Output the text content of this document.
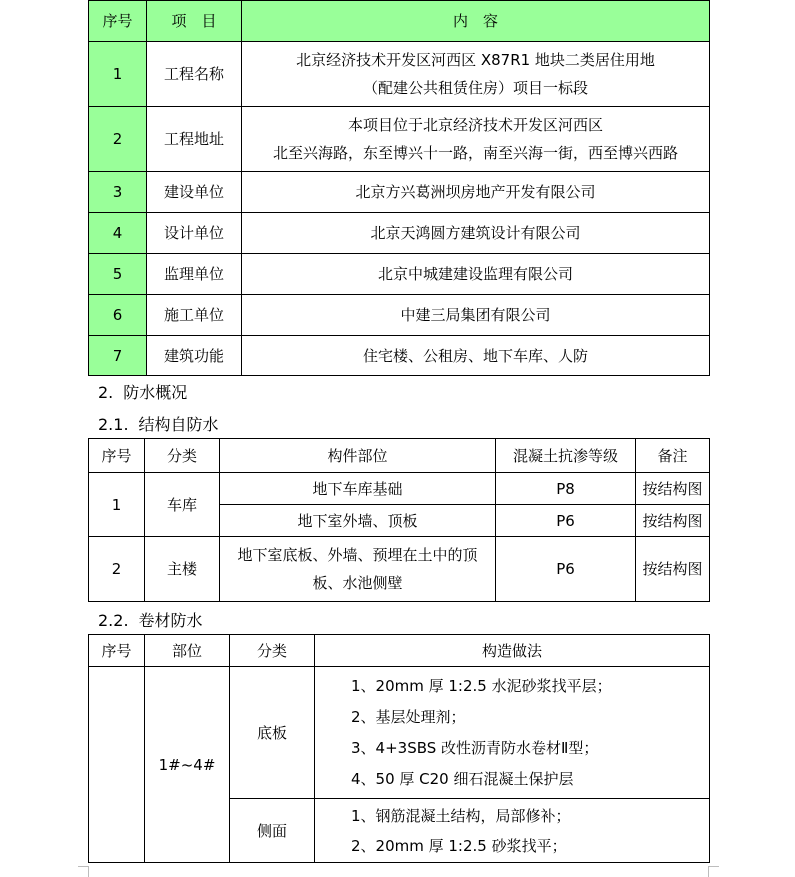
序号	项　目	内　容
1	工程名称	北京经济技术开发区河西区 X87R1 地块二类居住用地
（配建公共租赁住房）项目一标段

2	工程地址	本项目位于北京经济技术开发区河西区
北至兴海路，东至博兴十一路，南至兴海一街，西至博兴西路

3	建设单位	北京方兴葛洲坝房地产开发有限公司
4	设计单位	北京天鸿圆方建筑设计有限公司
5	监理单位	北京中城建建设监理有限公司
6	施工单位	中建三局集团有限公司
7	建筑功能	住宅楼、公租房、地下车库、人防
2. 防水概况
2.1. 结构自防水
序号	分类	构件部位	混凝土抗渗等级	备注
1	车库	地下车库基础	P8	按结构图
		地下室外墙、顶板	P6	按结构图
2	主楼	地下室底板、外墙、预埋在土中的顶
板、水池侧壁	P6	按结构图
2.2. 卷材防水
序号	部位	分类	构造做法
	1#~4#	底板	1、20mm 厚 1:2.5 水泥砂浆找平层；
2、基层处理剂；
3、4+3SBS 改性沥青防水卷材Ⅱ型；
4、50 厚 C20 细石混凝土保护层

		侧面	1、钢筋混凝土结构，局部修补；
2、20mm 厚 1:2.5 砂浆找平；
